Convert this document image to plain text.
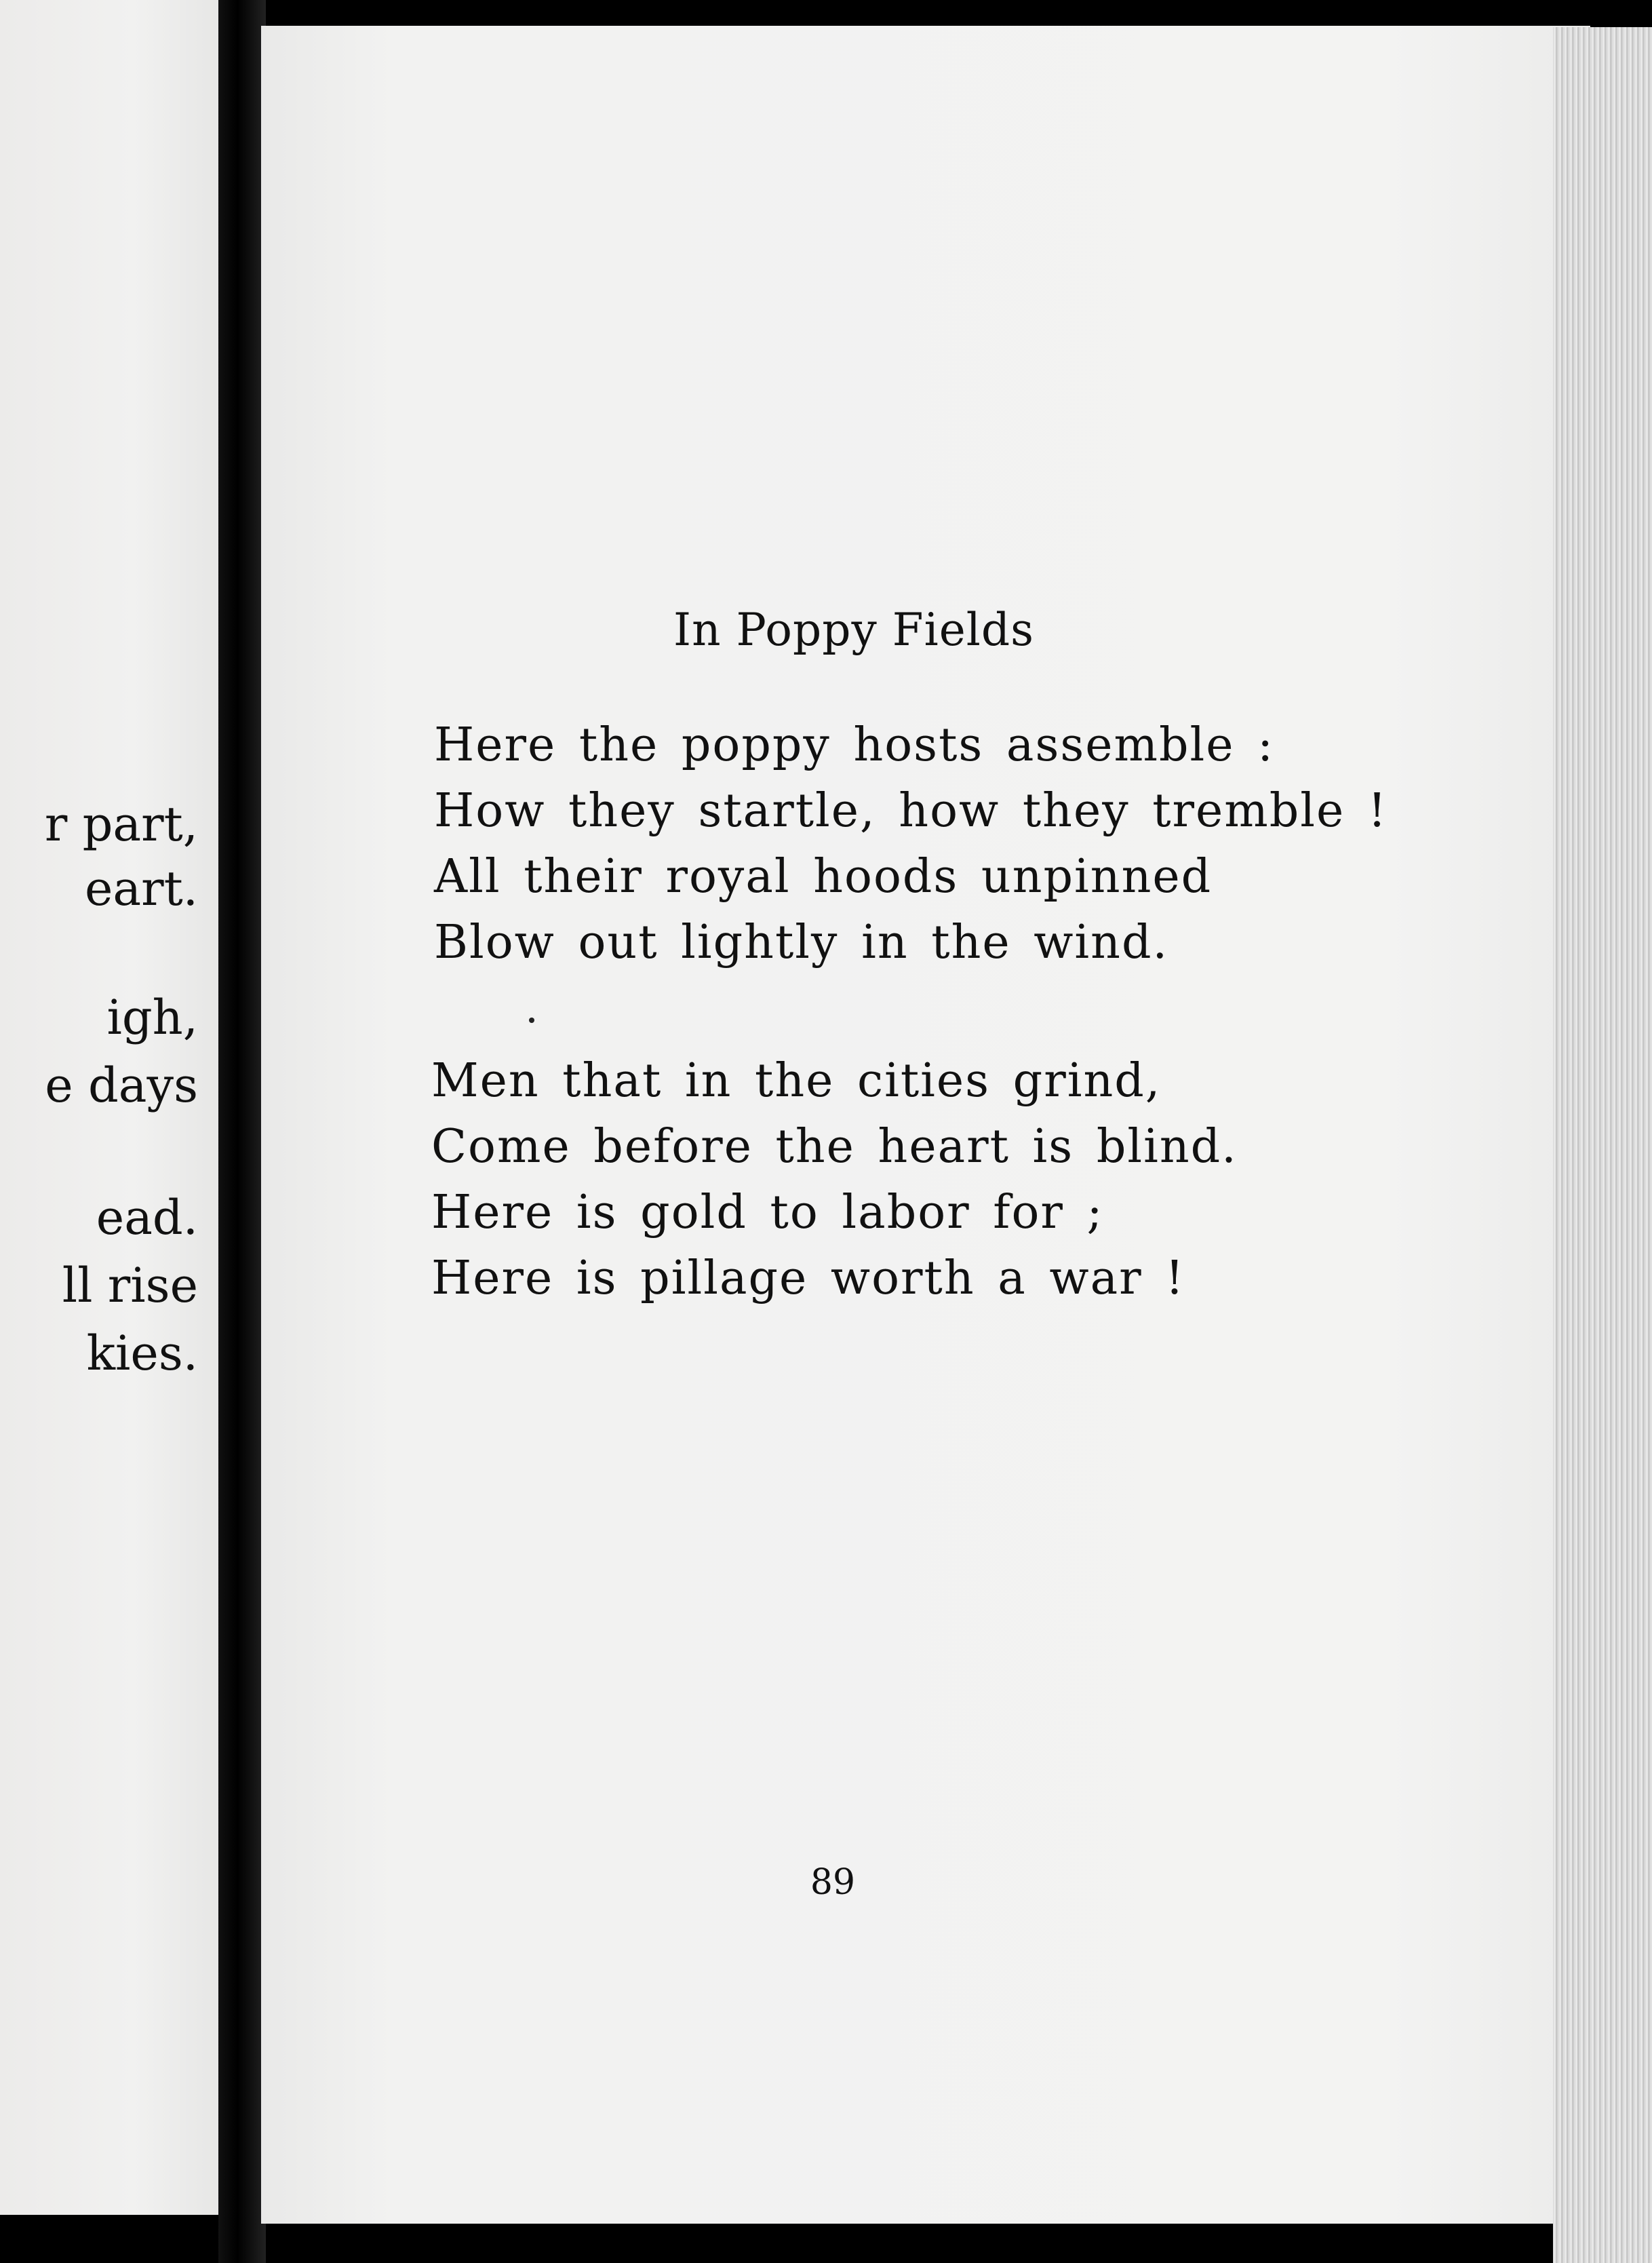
r part,
eart.
igh,
e days
ead.
ll rise
kies.
In Poppy Fields
Here the poppy hosts assemble :
How they startle, how they tremble !
All their royal hoods unpinned
Blow out lightly in the wind.
Men that in the cities grind,
Come before the heart is blind.
Here is gold to labor for ;
Here is pillage worth a war !
89
